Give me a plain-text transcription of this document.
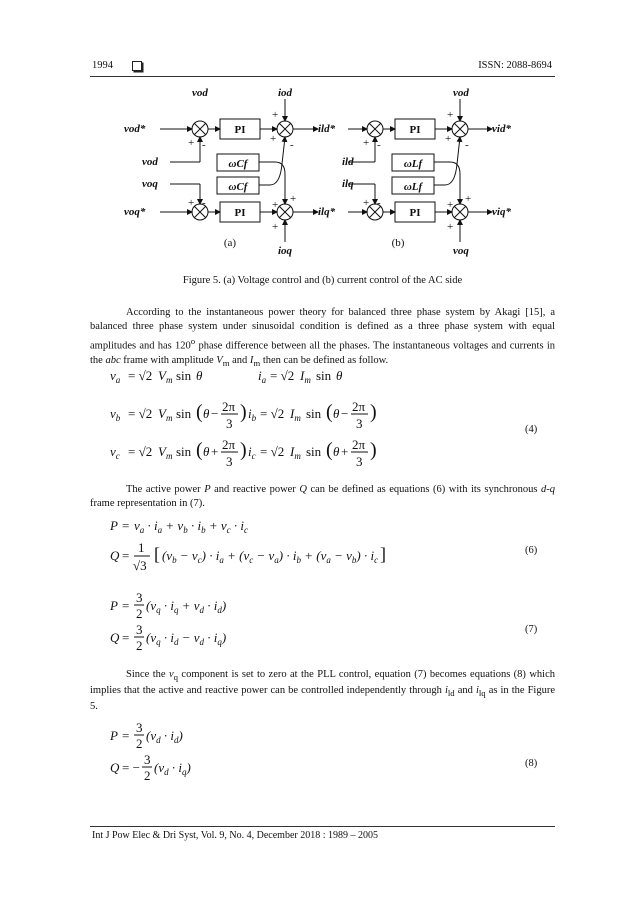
1994	ISSN: 2088-8694
vod
vod*
vod
voq
voq*
iod
ioq
ild*
ilq*
vod
vid*
viq*
voq
ild
ilq
PI
PI
ωCf
ωCf
PI
PI
ωLf
ωLf
+ -
+ -
+
+ -
+ +
+
+ -
+ -
+
+ -
+ +
+
(a)	(b)
Figure 5. (a) Voltage control and (b) current control of the AC side
According to the instantaneous power theory for balanced three phase system by Akagi [15], a balanced three phase system under sinusoidal condition is defined as a three phase system with equal amplitudes and has 120$^o$ phase difference between all the phases. The instantaneous voltages and currents in the abc frame with amplitude $V_m$ and $I_m$ then can be defined as follow.
$v_a = √2$ $V_m$ sin θ	$i_a = √2$ $I_m$ sin θ
$v_b = √2$ $V_m$ sin ( θ − 2π
3
) $i_b = √2$ $I_m$ sin ( θ − 2π
3
)
$v_c = √2$ $V_m$ sin ( θ + 2π
3
) $i_c = √2$ $I_m$ sin ( θ + 2π
3
)
(4)
The active power P and reactive power Q can be defined as equations (6) with its synchronous d-q frame representation in (7).
$P = v_a \cdot i_a + v_b \cdot i_b + v_c \cdot i_c$
Q =
1
√3
[ $(v_b - v_c) \cdot i_a + (v_c - v_a) \cdot i_b + (v_a - v_b) \cdot i_c$ ]	(6)
P =
3
2
$(v_q \cdot i_q + v_d \cdot i_d)$
Q =
3
2
$(v_q \cdot i_d - v_d \cdot i_q)$
(7)
Since the $v_q$ component is set to zero at the PLL control, equation (7) becomes equations (8) which implies that the active and reactive power can be controlled independently through $i_{ld}$ and $i_{lq}$ as in the Figure 5.
P =
3
2
$(v_d \cdot i_d)$
Q = −
3
2
$(v_d \cdot i_q)$	(8)
Int J Pow Elec & Dri Syst, Vol. 9, No. 4, December 2018 : 1989 – 2005
